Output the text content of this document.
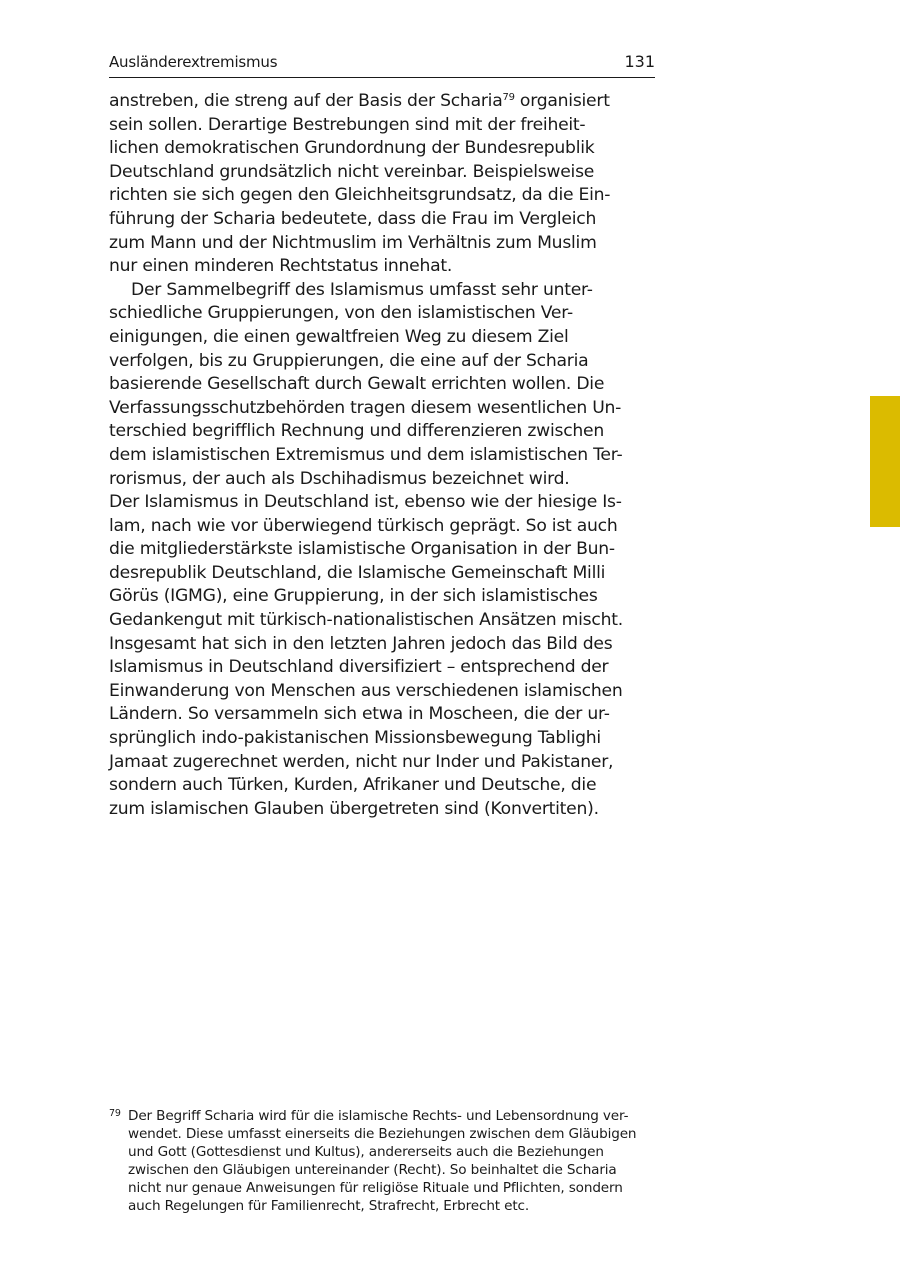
Ausländerextremismus	131
anstreben, die streng auf der Basis der Scharia$^{79}$ organisiert
sein sollen. Derartige Bestrebungen sind mit der freiheit-
lichen demokratischen Grundordnung der Bundesrepublik
Deutschland grundsätzlich nicht vereinbar. Beispielsweise
richten sie sich gegen den Gleichheitsgrundsatz, da die Ein-
führung der Scharia bedeutete, dass die Frau im Vergleich
zum Mann und der Nichtmuslim im Verhältnis zum Muslim
nur einen minderen Rechtstatus innehat.
Der Sammelbegriff des Islamismus umfasst sehr unter-
schiedliche Gruppierungen, von den islamistischen Ver-
einigungen, die einen gewaltfreien Weg zu diesem Ziel
verfolgen, bis zu Gruppierungen, die eine auf der Scharia
basierende Gesellschaft durch Gewalt errichten wollen. Die
Verfassungsschutzbehörden tragen diesem wesentlichen Un-
terschied begrifflich Rechnung und differenzieren zwischen
dem islamistischen Extremismus und dem islamistischen Ter-
rorismus, der auch als Dschihadismus bezeichnet wird.
Der Islamismus in Deutschland ist, ebenso wie der hiesige Is-
lam, nach wie vor überwiegend türkisch geprägt. So ist auch
die mitgliederstärkste islamistische Organisation in der Bun-
desrepublik Deutschland, die Islamische Gemeinschaft Milli
Görüs (IGMG), eine Gruppierung, in der sich islamistisches
Gedankengut mit türkisch-nationalistischen Ansätzen mischt.
Insgesamt hat sich in den letzten Jahren jedoch das Bild des
Islamismus in Deutschland diversifiziert – entsprechend der
Einwanderung von Menschen aus verschiedenen islamischen
Ländern. So versammeln sich etwa in Moscheen, die der ur-
sprünglich indo-pakistanischen Missionsbewegung Tablighi
Jamaat zugerechnet werden, nicht nur Inder und Pakistaner,
sondern auch Türken, Kurden, Afrikaner und Deutsche, die
zum islamischen Glauben übergetreten sind (Konvertiten).
79 Der Begriff Scharia wird für die islamische Rechts- und Lebensordnung ver-
wendet. Diese umfasst einerseits die Beziehungen zwischen dem Gläubigen
und Gott (Gottesdienst und Kultus), andererseits auch die Beziehungen
zwischen den Gläubigen untereinander (Recht). So beinhaltet die Scharia
nicht nur genaue Anweisungen für religiöse Rituale und Pflichten, sondern
auch Regelungen für Familienrecht, Strafrecht, Erbrecht etc.
